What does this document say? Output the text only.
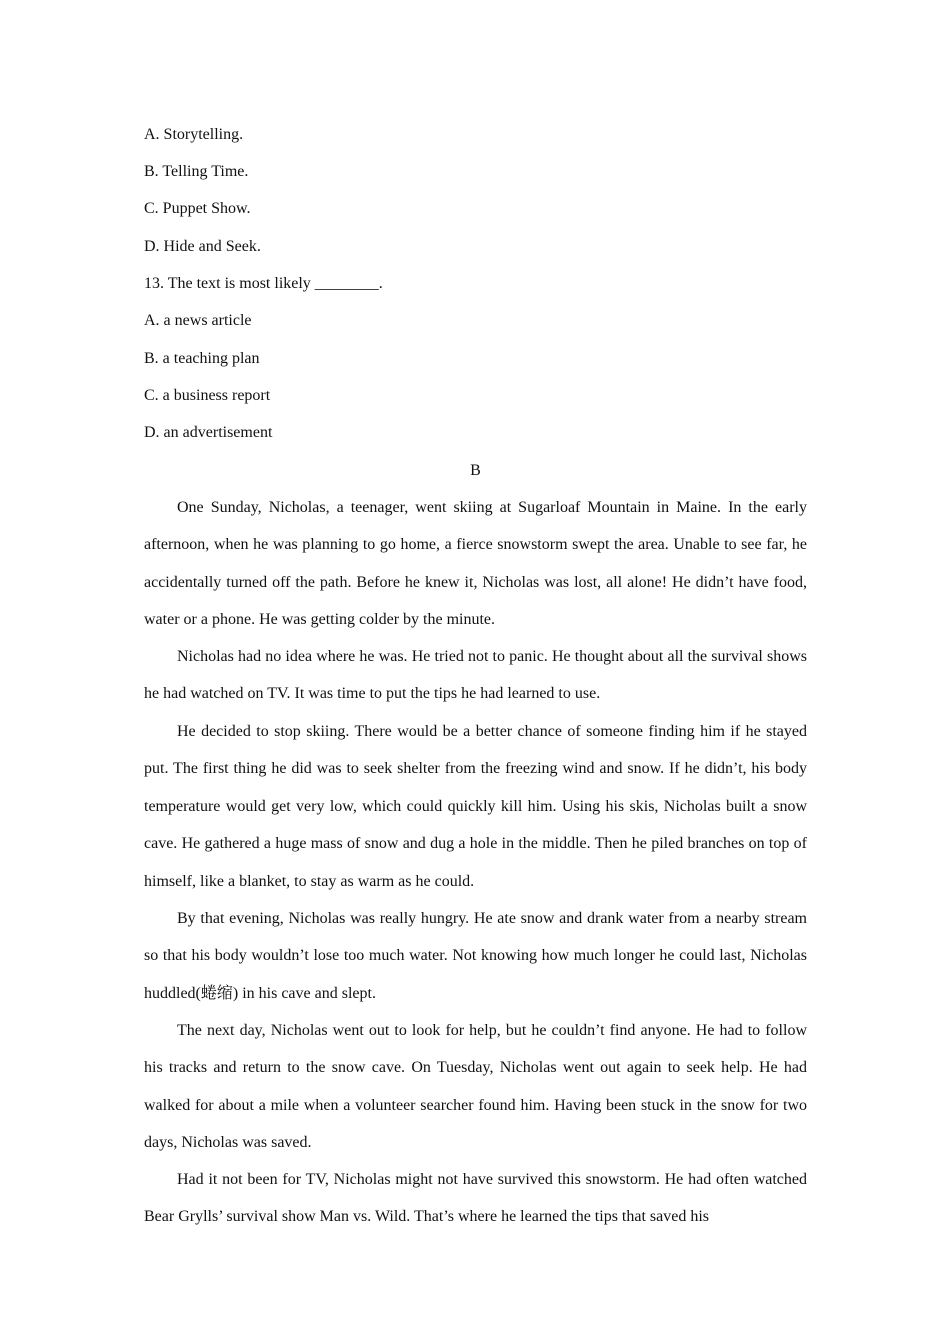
A. Storytelling.
B. Telling Time.
C. Puppet Show.
D. Hide and Seek.
13. The text is most likely ________.
A. a news article
B. a teaching plan
C. a business report
D. an advertisement
B

One Sunday, Nicholas, a teenager, went skiing at Sugarloaf Mountain in Maine. In the early afternoon, when he was planning to go home, a fierce snowstorm swept the area. Unable to see far, he accidentally turned off the path. Before he knew it, Nicholas was lost, all alone! He didn’t have food, water or a phone. He was getting colder by the minute.

Nicholas had no idea where he was. He tried not to panic. He thought about all the survival shows he had watched on TV. It was time to put the tips he had learned to use.

He decided to stop skiing. There would be a better chance of someone finding him if he stayed put. The first thing he did was to seek shelter from the freezing wind and snow. If he didn’t, his body temperature would get very low, which could quickly kill him. Using his skis, Nicholas built a snow cave. He gathered a huge mass of snow and dug a hole in the middle. Then he piled branches on top of himself, like a blanket, to stay as warm as he could.

By that evening, Nicholas was really hungry. He ate snow and drank water from a nearby stream so that his body wouldn’t lose too much water. Not knowing how much longer he could last, Nicholas huddled(蜷缩) in his cave and slept.

The next day, Nicholas went out to look for help, but he couldn’t find anyone. He had to follow his tracks and return to the snow cave. On Tuesday, Nicholas went out again to seek help. He had walked for about a mile when a volunteer searcher found him. Having been stuck in the snow for two days, Nicholas was saved.

Had it not been for TV, Nicholas might not have survived this snowstorm. He had often watched Bear Grylls’ survival show Man vs. Wild. That’s where he learned the tips that saved his
